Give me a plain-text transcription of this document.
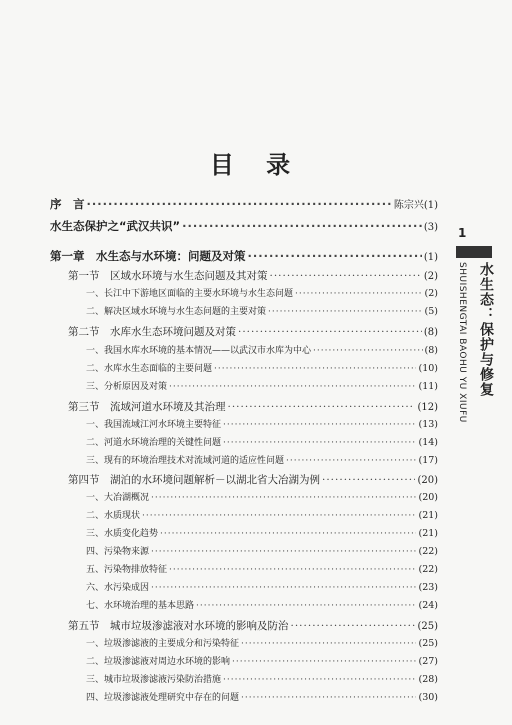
目 录
序　言 ·····	陈宗兴(1)
水生态保护之“武汉共识” ·····	(3)
第一章　水生态与水环境：问题及对策 ·····	(1)
第一节　区域水环境与水生态问题及其对策 ·····	(2)
一、长江中下游地区面临的主要水环境与水生态问题 ·····	(2)
二、解决区域水环境与水生态问题的主要对策 ·····	(5)
第二节　水库水生态环境问题及对策 ·····	(8)
一、我国水库水环境的基本情况——以武汉市水库为中心 ·····	(8)
二、水库水生态面临的主要问题 ·····	(10)
三、分析原因及对策 ·····	(11)
第三节　流域河道水环境及其治理 ·····	(12)
一、我国流域江河水环境主要特征 ·····	(13)
二、河道水环境治理的关键性问题 ·····	(14)
三、现有的环境治理技术对流域河道的适应性问题 ·····	(17)
第四节　湖泊的水环境问题解析－以湖北省大冶湖为例 ·····	(20)
一、大冶湖概况 ·····	(20)
二、水质现状 ·····	(21)
三、水质变化趋势 ·····	(21)
四、污染物来源 ·····	(22)
五、污染物排放特征 ·····	(22)
六、水污染成因 ·····	(23)
七、水环境治理的基本思路 ·····	(24)
第五节　城市垃圾渗滤液对水环境的影响及防治 ·····	(25)
一、垃圾渗滤液的主要成分和污染特征 ·····	(25)
二、垃圾渗滤液对周边水环境的影响 ·····	(27)
三、城市垃圾渗滤液污染防治措施 ·····	(28)
四、垃圾渗滤液处理研究中存在的问题 ·····	(30)
1
水生态：保护与修复
SHUISHENGTAI BAOHU YU XIUFU
